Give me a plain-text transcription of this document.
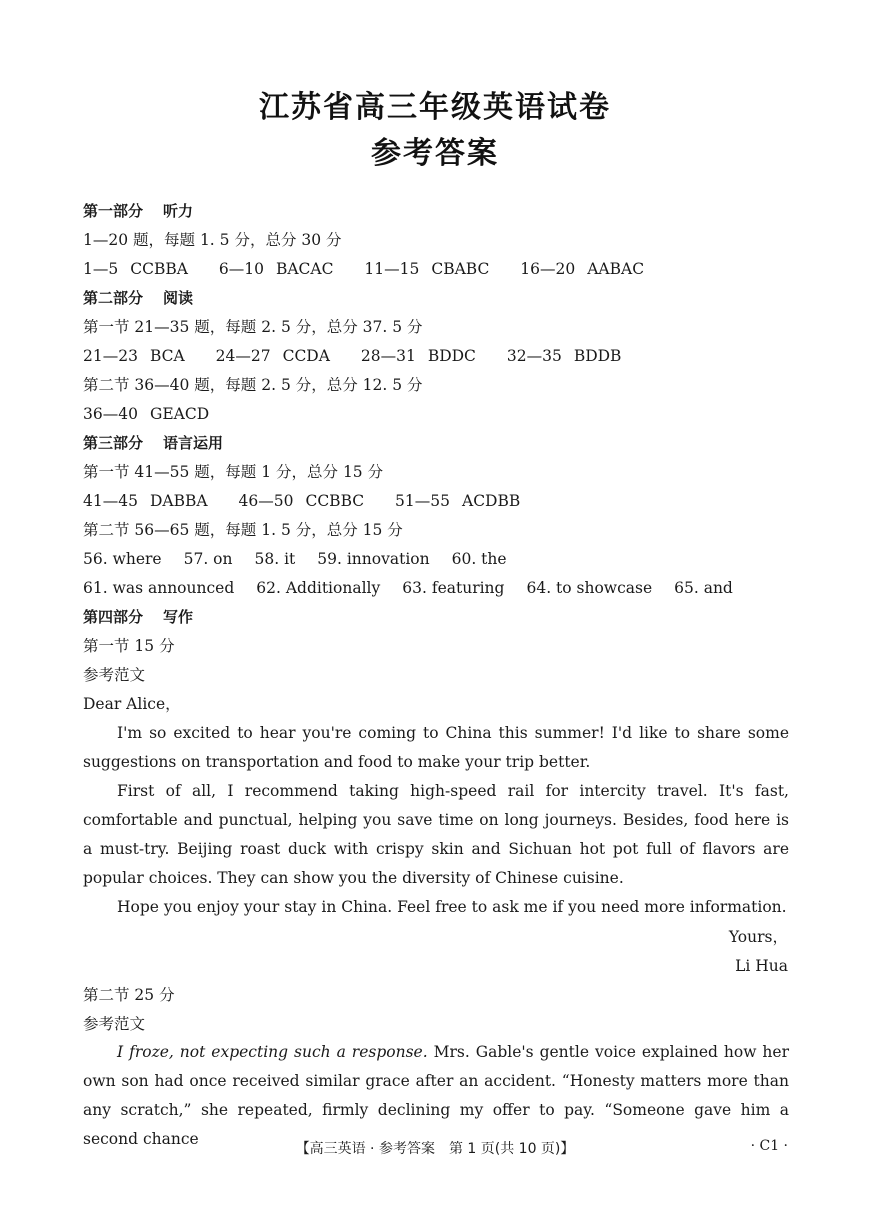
江苏省高三年级英语试卷
参考答案
第一部分 听力
1—20 题，每题 1. 5 分，总分 30 分
1—5 CCBBA 6—10 BACAC 11—15 CBABC 16—20 AABAC
第二部分 阅读
第一节 21—35 题，每题 2. 5 分，总分 37. 5 分
21—23 BCA 24—27 CCDA 28—31 BDDC 32—35 BDDB
第二节 36—40 题，每题 2. 5 分，总分 12. 5 分
36—40 GEACD
第三部分 语言运用
第一节 41—55 题，每题 1 分，总分 15 分
41—45 DABBA 46—50 CCBBC 51—55 ACDBB
第二节 56—65 题，每题 1. 5 分，总分 15 分
56. where 57. on 58. it 59. innovation 60. the
61. was announced 62. Additionally 63. featuring 64. to showcase 65. and
第四部分 写作
第一节 15 分
参考范文
Dear Alice，
I'm so excited to hear you're coming to China this summer! I'd like to share some suggestions on transportation and food to make your trip better.
First of all, I recommend taking high-speed rail for intercity travel. It's fast, comfortable and punctual, helping you save time on long journeys. Besides, food here is a must-try. Beijing roast duck with crispy skin and Sichuan hot pot full of flavors are popular choices. They can show you the diversity of Chinese cuisine.
Hope you enjoy your stay in China. Feel free to ask me if you need more information.
Yours，
Li Hua
第二节 25 分
参考范文
I froze, not expecting such a response. Mrs. Gable's gentle voice explained how her own son had once received similar grace after an accident. “Honesty matters more than any scratch,” she repeated, firmly declining my offer to pay. “Someone gave him a second chance
【高三英语 · 参考答案　第 1 页(共 10 页)】	· C1 ·
